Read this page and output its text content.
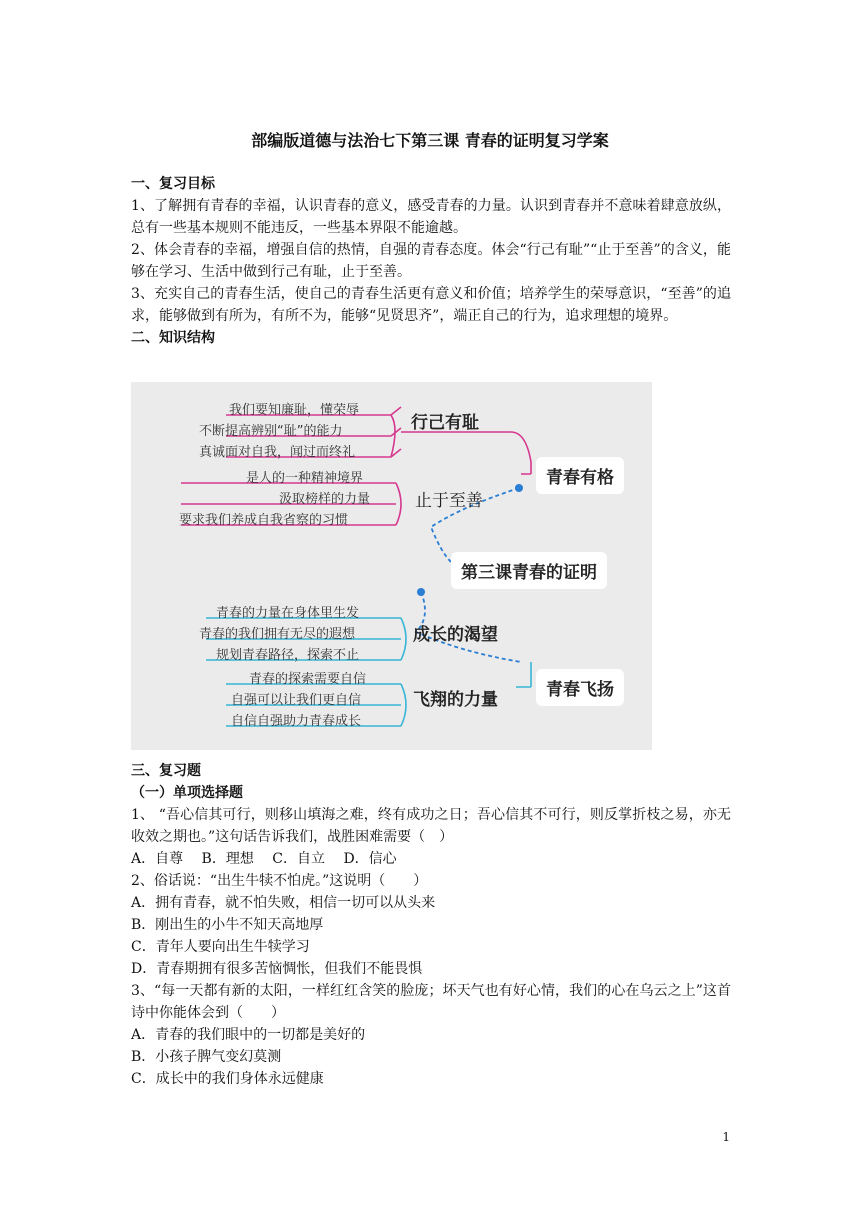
部编版道德与法治七下第三课 青春的证明复习学案
一、复习目标
1、了解拥有青春的幸福，认识青春的意义，感受青春的力量。认识到青春并不意味着肆意放纵，总有一些基本规则不能违反，一些基本界限不能逾越。
2、体会青春的幸福，增强自信的热情，自强的青春态度。体会“行己有耻”“止于至善”的含义，能够在学习、生活中做到行己有耻，止于至善。
3、充实自己的青春生活，使自己的青春生活更有意义和价值；培养学生的荣辱意识，“至善”的追求，能够做到有所为，有所不为，能够“见贤思齐”，端正自己的行为，追求理想的境界。
二、知识结构
我们要知廉耻，懂荣辱
不断提高辨别“耻”的能力
真诚面对自我，闻过而终礼
行己有耻
是人的一种精神境界
汲取榜样的力量
要求我们养成自我省察的习惯
止于至善
青春有格
第三课青春的证明
青春飞扬
青春的力量在身体里生发
青春的我们拥有无尽的遐想
规划青春路径，探索不止
成长的渴望
青春的探索需要自信
自强可以让我们更自信
自信自强助力青春成长
飞翔的力量
三、复习题
（一）单项选择题
1、 “吾心信其可行，则移山填海之难，终有成功之日；吾心信其不可行，则反掌折枝之易，亦无收效之期也。”这句话告诉我们，战胜困难需要（　）
A．自尊　 B．理想　 C．自立　 D．信心
2、俗话说：“出生牛犊不怕虎。”这说明（　　）
A．拥有青春，就不怕失败，相信一切可以从头来
B．刚出生的小牛不知天高地厚
C．青年人要向出生牛犊学习
D．青春期拥有很多苦恼惆怅，但我们不能畏惧
3、“每一天都有新的太阳，一样红红含笑的脸庞；坏天气也有好心情，我们的心在乌云之上”这首诗中你能体会到（　　）
A．青春的我们眼中的一切都是美好的
B．小孩子脾气变幻莫测
C．成长中的我们身体永远健康
1
